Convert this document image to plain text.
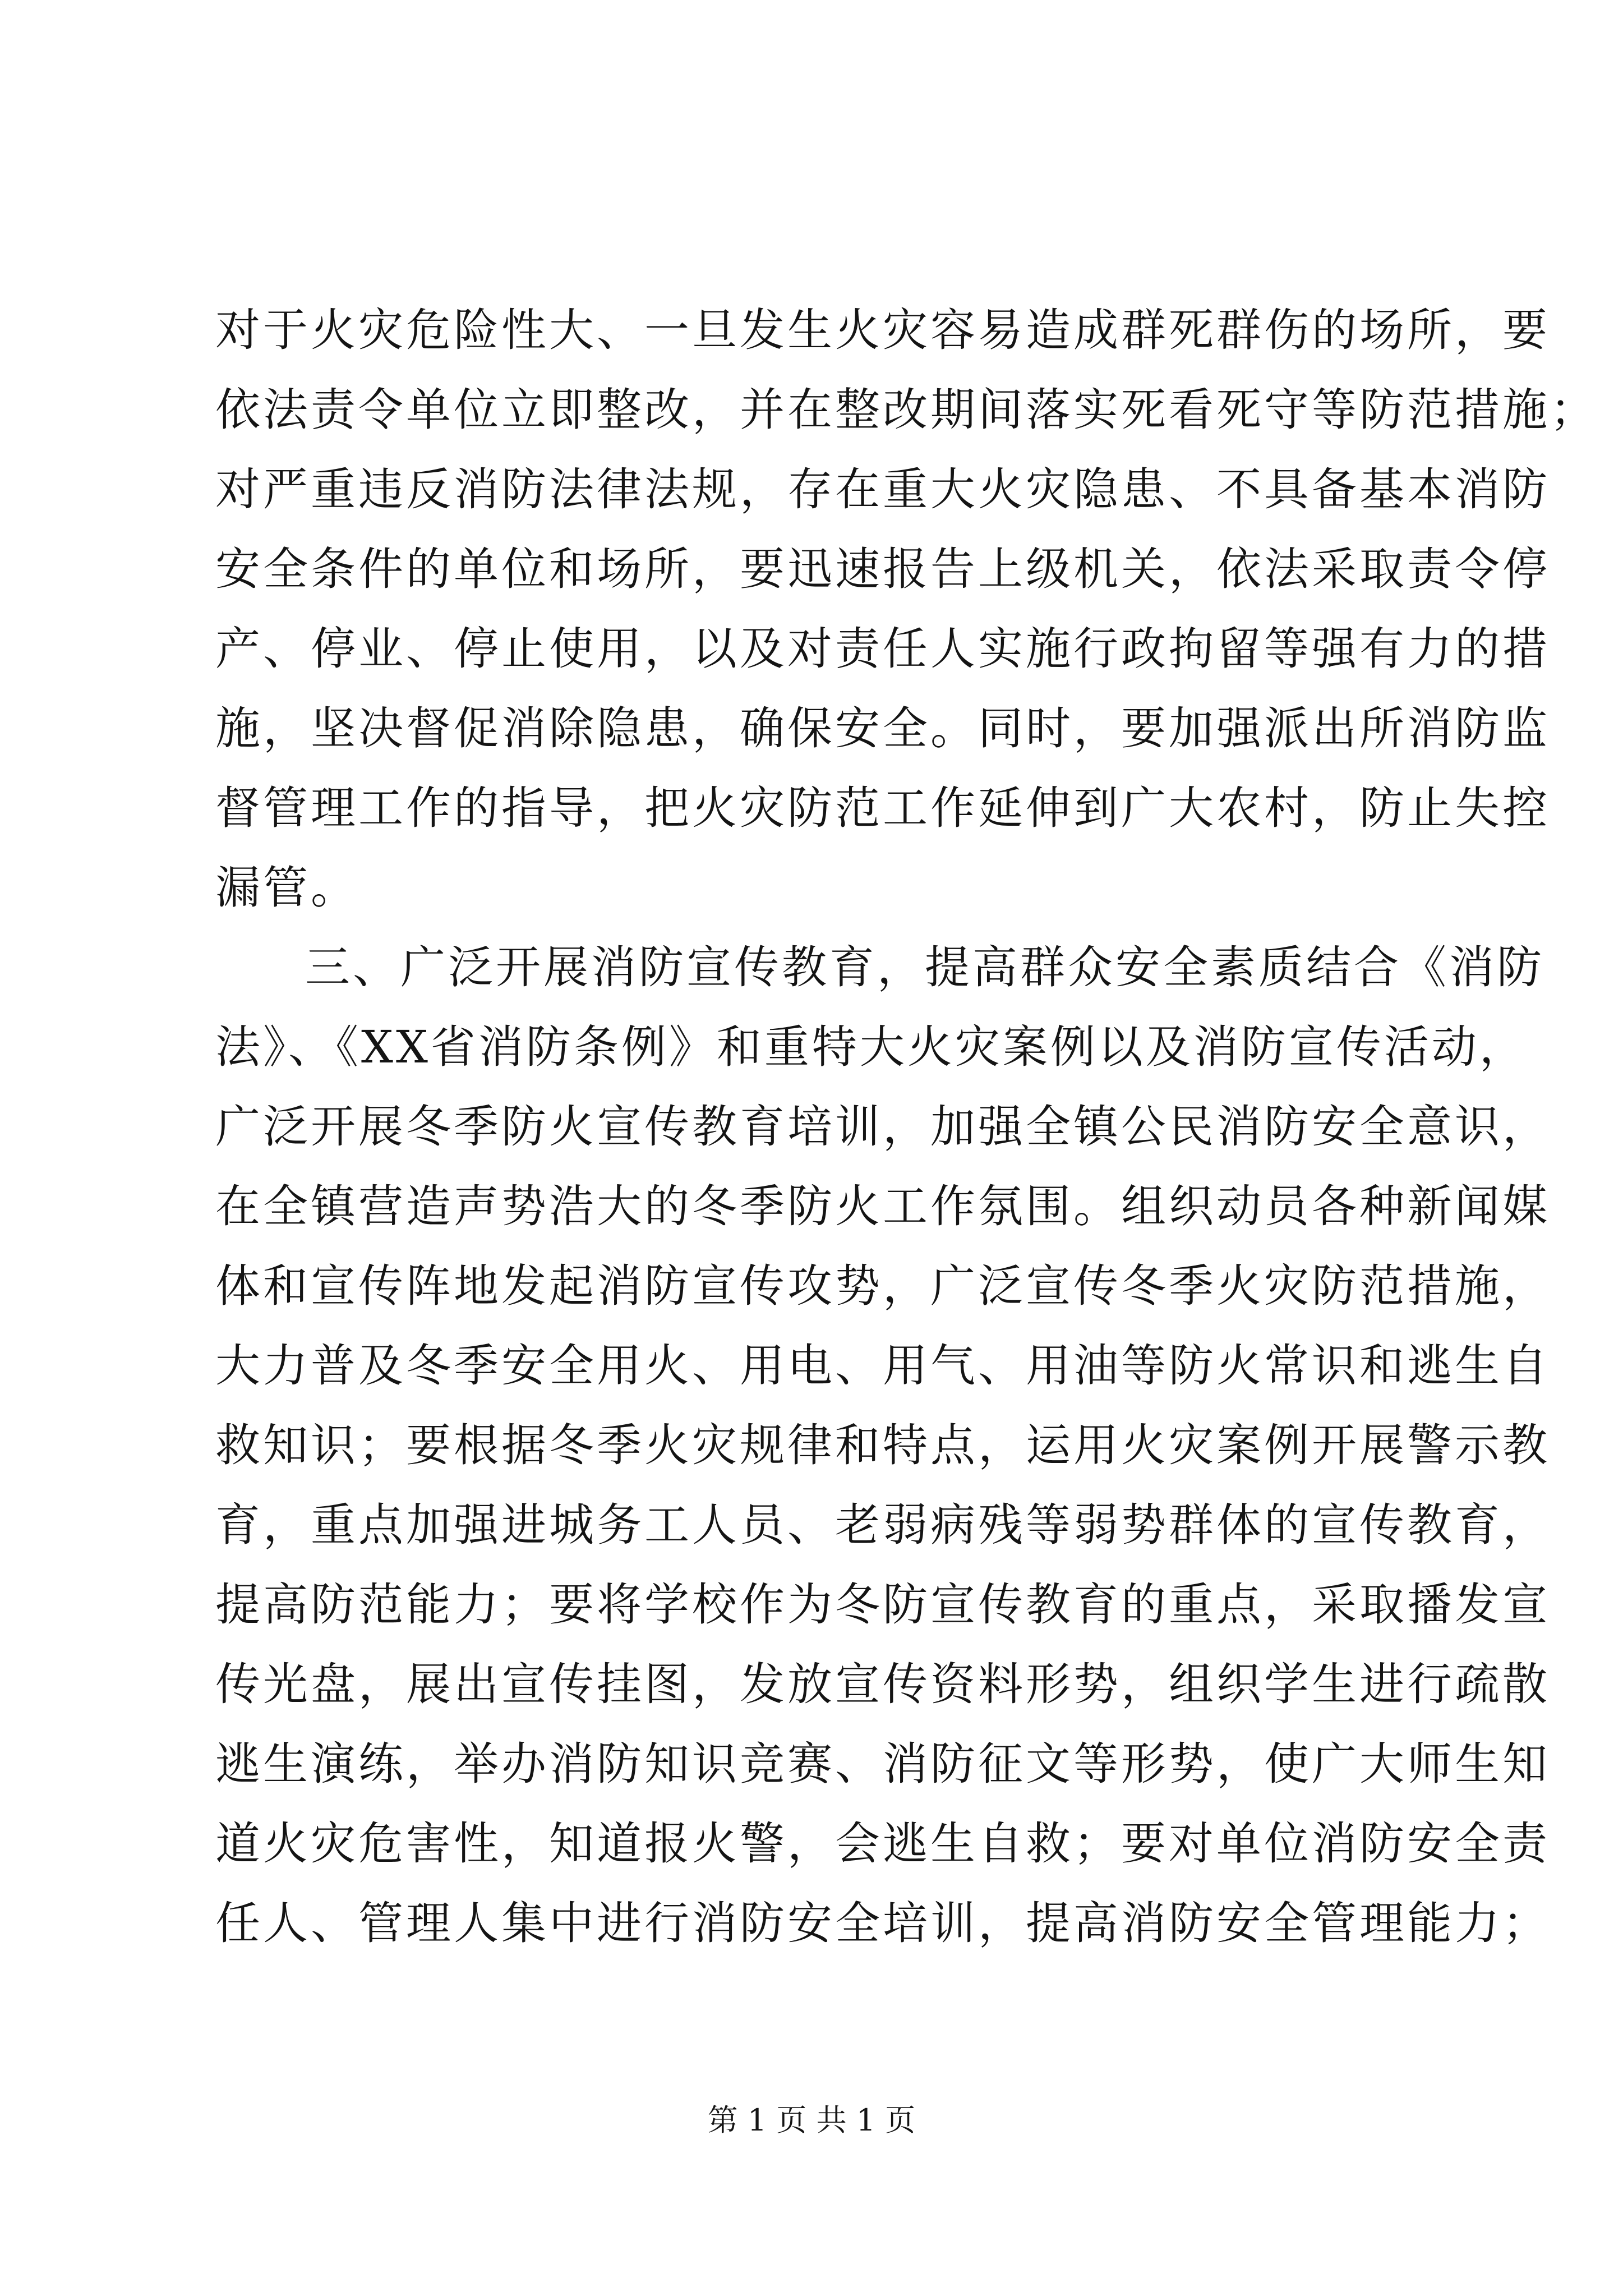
对于火灾危险性大、一旦发生火灾容易造成群死群伤的场所，要
依法责令单位立即整改，并在整改期间落实死看死守等防范措施；
对严重违反消防法律法规，存在重大火灾隐患、不具备基本消防
安全条件的单位和场所，要迅速报告上级机关，依法采取责令停
产、停业、停止使用，以及对责任人实施行政拘留等强有力的措
施，坚决督促消除隐患，确保安全。同时，要加强派出所消防监
督管理工作的指导，把火灾防范工作延伸到广大农村，防止失控
漏管。
三、广泛开展消防宣传教育，提高群众安全素质结合《消防
法》、《XX省消防条例》和重特大火灾案例以及消防宣传活动，
广泛开展冬季防火宣传教育培训，加强全镇公民消防安全意识，
在全镇营造声势浩大的冬季防火工作氛围。组织动员各种新闻媒
体和宣传阵地发起消防宣传攻势，广泛宣传冬季火灾防范措施，
大力普及冬季安全用火、用电、用气、用油等防火常识和逃生自
救知识；要根据冬季火灾规律和特点，运用火灾案例开展警示教
育，重点加强进城务工人员、老弱病残等弱势群体的宣传教育，
提高防范能力；要将学校作为冬防宣传教育的重点，采取播发宣
传光盘，展出宣传挂图，发放宣传资料形势，组织学生进行疏散
逃生演练，举办消防知识竞赛、消防征文等形势，使广大师生知
道火灾危害性，知道报火警，会逃生自救；要对单位消防安全责
任人、管理人集中进行消防安全培训，提高消防安全管理能力；
第 1 页 共 1 页
